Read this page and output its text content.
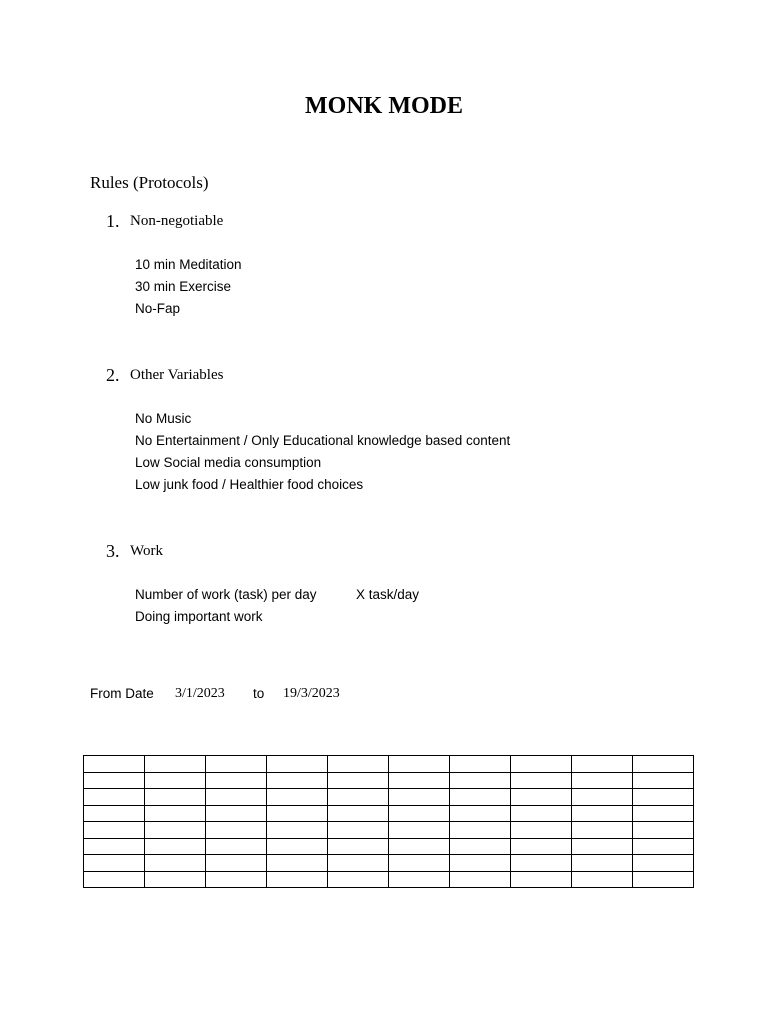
MONK MODE
Rules (Protocols)
1. Non-negotiable
10 min Meditation
30 min Exercise
No-Fap
2. Other Variables
No Music
No Entertainment / Only Educational knowledge based content
Low Social media consumption
Low junk food / Healthier food choices
3. Work
Number of work (task) per day	X task/day
Doing important work
From Date 3/1/2023 to 19/3/2023
